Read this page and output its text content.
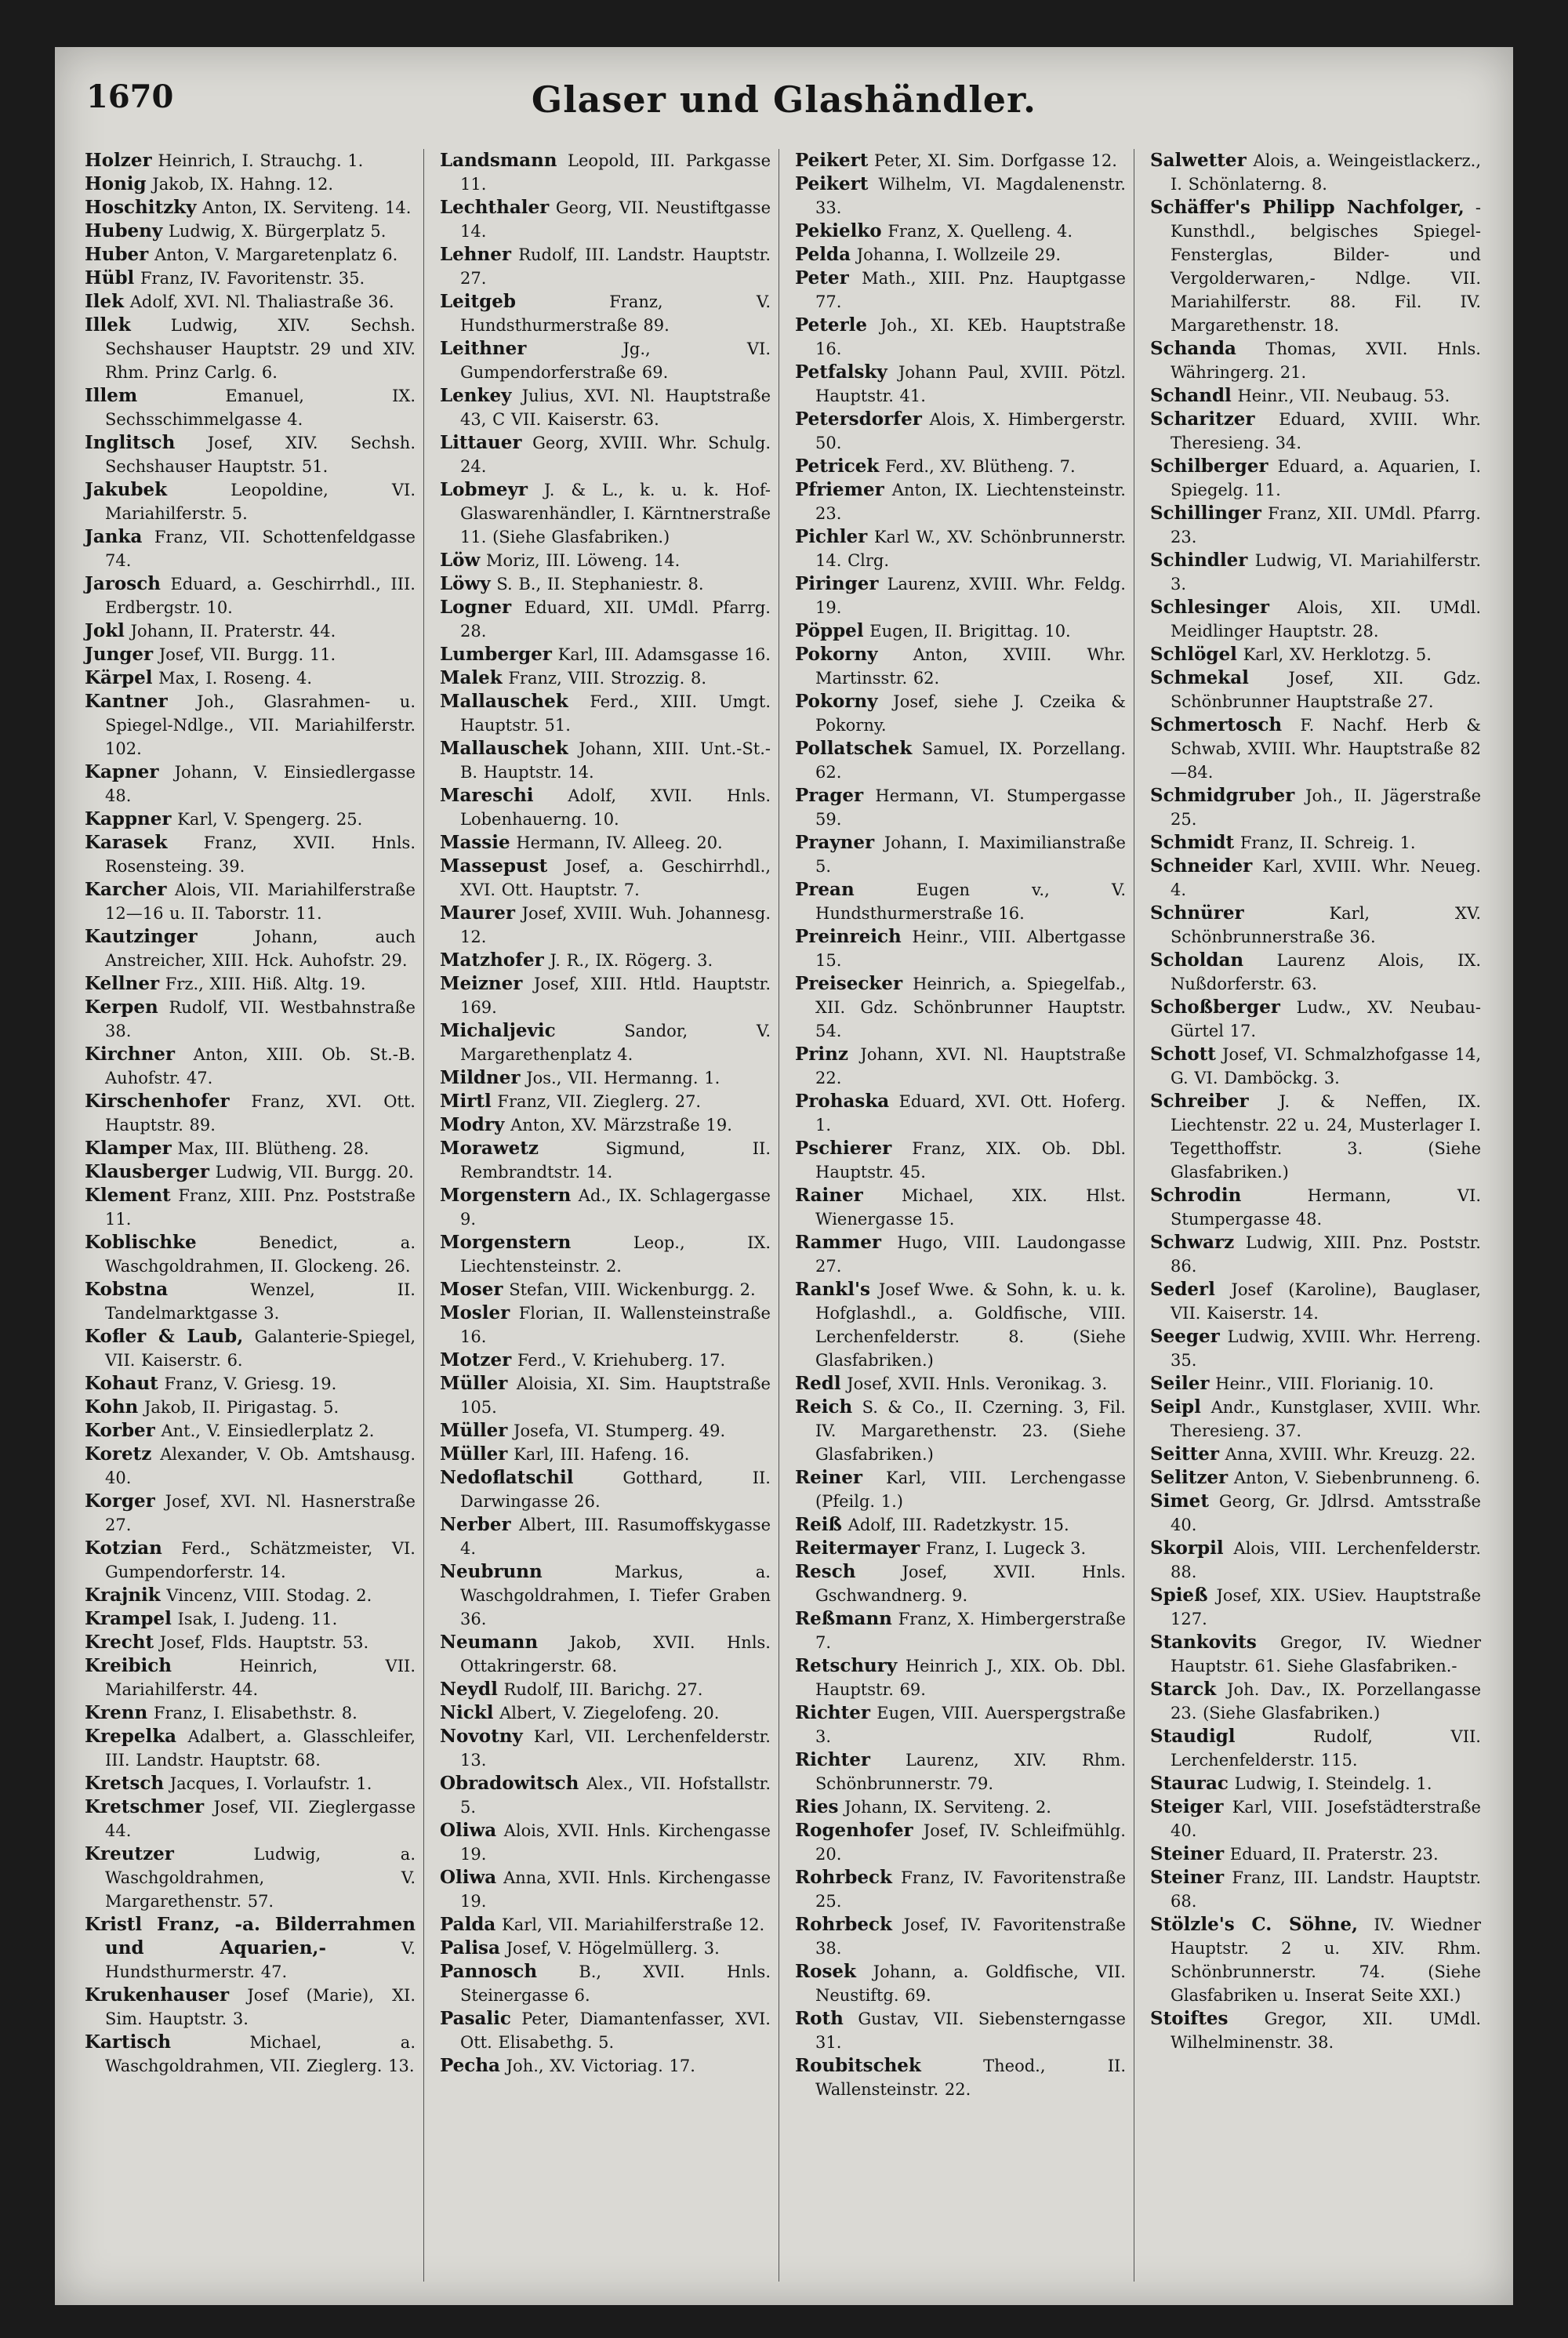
1670	Glaser und Glashändler.
Holzer Heinrich, I. Strauchg. 1.
Honig Jakob, IX. Hahng. 12.
Hoschitzky Anton, IX. Serviteng. 14.
Hubeny Ludwig, X. Bürgerplatz 5.
Huber Anton, V. Margaretenplatz 6.
Hübl Franz, IV. Favoritenstr. 35.
Ilek Adolf, XVI. Nl. Thaliastraße 36.
Illek Ludwig, XIV. Sechsh. Sechshauser Hauptstr. 29 und XIV. Rhm. Prinz Carlg. 6.
Illem	Emanuel, IX. Sechsschimmelgasse 4.
Inglitsch Josef, XIV. Sechsh. Sechshauser Hauptstr. 51.
Jakubek	Leopoldine, VI. Mariahilferstr. 5.
Janka Franz, VII. Schottenfeldgasse 74.
Jarosch Eduard, a. Geschirrhdl., III. Erdbergstr. 10.
Jokl Johann, II. Praterstr. 44.
Junger Josef, VII. Burgg. 11.
Kärpel Max, I. Roseng. 4.
Kantner Joh., Glasrahmen- u. Spiegel-Ndlge., VII. Mariahilferstr. 102.
Kapner Johann, V. Einsiedlergasse 48.
Kappner Karl, V. Spengerg. 25.
Karasek Franz, XVII. Hnls. Rosensteing. 39.
Karcher Alois, VII. Mariahilferstraße 12—16 u. II. Taborstr. 11.
Kautzinger	Johann, auch Anstreicher, XIII. Hck. Auhofstr. 29.
Kellner Frz., XIII. Hiß. Altg. 19.
Kerpen Rudolf, VII. Westbahnstraße 38.
Kirchner Anton, XIII. Ob. St.-B. Auhofstr. 47.
Kirschenhofer Franz, XVI. Ott. Hauptstr. 89.
Klamper Max, III. Blütheng. 28.
Klausberger Ludwig, VII. Burgg. 20.
Klement Franz, XIII. Pnz. Poststraße 11.
Koblischke	Benedict, a. Waschgoldrahmen, II. Glockeng. 26.
Kobstna	Wenzel, II. Tandelmarktgasse 3.
Kofler & Laub, Galanterie-Spiegel, VII. Kaiserstr. 6.
Kohaut Franz, V. Griesg. 19.
Kohn Jakob, II. Pirigastag. 5.
Korber Ant., V. Einsiedlerplatz 2.
Koretz Alexander, V. Ob. Amtshausg. 40.
Korger Josef, XVI. Nl. Hasnerstraße 27.
Kotzian Ferd., Schätzmeister, VI. Gumpendorferstr. 14.
Krajnik Vincenz, VIII. Stodag. 2.
Krampel Isak, I. Judeng. 11.
Krecht Josef, Flds. Hauptstr. 53.
Kreibich	Heinrich, VII. Mariahilferstr. 44.
Krenn Franz, I. Elisabethstr. 8.
Krepelka Adalbert, a. Glasschleifer, III. Landstr. Hauptstr. 68.
Kretsch Jacques, I. Vorlaufstr. 1.
Kretschmer Josef, VII. Zieglergasse 44.
Kreutzer	Ludwig, a. Waschgoldrahmen, V. Margarethenstr. 57.
Kristl Franz, -a. Bilderrahmen und Aquarien,-	V. Hundsthurmerstr. 47.
Krukenhauser Josef (Marie), XI. Sim. Hauptstr. 3.
Kartisch	Michael, a. Waschgoldrahmen, VII. Zieglerg. 13.
Landsmann Leopold, III. Parkgasse 11.
Lechthaler Georg, VII. Neustiftgasse 14.
Lehner Rudolf, III. Landstr. Hauptstr. 27.
Leitgeb	Franz, V. Hundsthurmerstraße 89.
Leithner	Jg., VI. Gumpendorferstraße 69.
Lenkey Julius, XVI. Nl. Hauptstraße 43, C VII. Kaiserstr. 63.
Littauer Georg, XVIII. Whr. Schulg. 24.
Lobmeyr J. & L., k. u. k. Hof-Glaswarenhändler, I. Kärntnerstraße 11. (Siehe Glasfabriken.)
Löw Moriz, III. Löweng. 14.
Löwy S. B., II. Stephaniestr. 8.
Logner Eduard, XII. UMdl. Pfarrg. 28.
Lumberger Karl, III. Adamsgasse 16.
Malek Franz, VIII. Strozzig. 8.
Mallauschek Ferd., XIII. Umgt. Hauptstr. 51.
Mallauschek Johann, XIII. Unt.-St.-B. Hauptstr. 14.
Mareschi Adolf, XVII. Hnls. Lobenhauerng. 10.
Massie Hermann, IV. Alleeg. 20.
Massepust Josef, a. Geschirrhdl., XVI. Ott. Hauptstr. 7.
Maurer Josef, XVIII. Wuh. Johannesg. 12.
Matzhofer J. R., IX. Rögerg. 3.
Meizner Josef, XIII. Htld. Hauptstr. 169.
Michaljevic	Sandor, V. Margarethenplatz 4.
Mildner Jos., VII. Hermanng. 1.
Mirtl Franz, VII. Zieglerg. 27.
Modry Anton, XV. Märzstraße 19.
Morawetz	Sigmund, II. Rembrandtstr. 14.
Morgenstern Ad., IX. Schlagergasse 9.
Morgenstern	Leop., IX. Liechtensteinstr. 2.
Moser Stefan, VIII. Wickenburgg. 2.
Mosler Florian, II. Wallensteinstraße 16.
Motzer Ferd., V. Kriehuberg. 17.
Müller Aloisia, XI. Sim. Hauptstraße 105.
Müller Josefa, VI. Stumperg. 49.
Müller Karl, III. Hafeng. 16.
Nedoflatschil	Gotthard, II. Darwingasse 26.
Nerber Albert, III. Rasumoffskygasse 4.
Neubrunn	Markus, a. Waschgoldrahmen, I. Tiefer Graben 36.
Neumann Jakob, XVII. Hnls. Ottakringerstr. 68.
Neydl Rudolf, III. Barichg. 27.
Nickl Albert, V. Ziegelofeng. 20.
Novotny Karl, VII. Lerchenfelderstr. 13.
Obradowitsch Alex., VII. Hofstallstr. 5.
Oliwa Alois, XVII. Hnls. Kirchengasse 19.
Oliwa Anna, XVII. Hnls. Kirchengasse 19.
Palda Karl, VII. Mariahilferstraße 12.
Palisa Josef, V. Högelmüllerg. 3.
Pannosch	B., XVII. Hnls. Steinergasse 6.
Pasalic Peter, Diamantenfasser, XVI. Ott. Elisabethg. 5.
Pecha Joh., XV. Victoriag. 17.
Peikert Peter, XI. Sim. Dorfgasse 12.
Peikert Wilhelm, VI. Magdalenenstr. 33.
Pekielko Franz, X. Quelleng. 4.
Pelda Johanna, I. Wollzeile 29.
Peter Math., XIII. Pnz. Hauptgasse 77.
Peterle Joh., XI. KEb. Hauptstraße 16.
Petfalsky Johann Paul, XVIII. Pötzl. Hauptstr. 41.
Petersdorfer Alois, X. Himbergerstr. 50.
Petricek Ferd., XV. Blütheng. 7.
Pfriemer Anton, IX. Liechtensteinstr. 23.
Pichler Karl W., XV. Schönbrunnerstr. 14. Clrg.
Piringer Laurenz, XVIII. Whr. Feldg. 19.
Pöppel Eugen, II. Brigittag. 10.
Pokorny Anton, XVIII. Whr. Martinsstr. 62.
Pokorny Josef, siehe J. Czeika & Pokorny.
Pollatschek Samuel, IX. Porzellang. 62.
Prager Hermann, VI. Stumpergasse 59.
Prayner Johann, I. Maximilianstraße 5.
Prean	Eugen v., V. Hundsthurmerstraße 16.
Preinreich Heinr., VIII. Albertgasse 15.
Preisecker Heinrich, a. Spiegelfab., XII. Gdz. Schönbrunner Hauptstr. 54.
Prinz Johann, XVI. Nl. Hauptstraße 22.
Prohaska Eduard, XVI. Ott. Hoferg. 1.
Pschierer Franz, XIX. Ob. Dbl. Hauptstr. 45.
Rainer Michael, XIX. Hlst. Wienergasse 15.
Rammer Hugo, VIII. Laudongasse 27.
Rankl's Josef Wwe. & Sohn, k. u. k. Hofglashdl., a. Goldfische, VIII. Lerchenfelderstr. 8. (Siehe Glasfabriken.)
Redl Josef, XVII. Hnls. Veronikag. 3.
Reich S. & Co., II. Czerning. 3, Fil. IV. Margarethenstr. 23. (Siehe Glasfabriken.)
Reiner Karl, VIII. Lerchengasse (Pfeilg. 1.)
Reiß Adolf, III. Radetzkystr. 15.
Reitermayer Franz, I. Lugeck 3.
Resch	Josef, XVII. Hnls. Gschwandnerg. 9.
Reßmann Franz, X. Himbergerstraße 7.
Retschury Heinrich J., XIX. Ob. Dbl. Hauptstr. 69.
Richter Eugen, VIII. Auerspergstraße 3.
Richter Laurenz, XIV. Rhm. Schönbrunnerstr. 79.
Ries Johann, IX. Serviteng. 2.
Rogenhofer Josef, IV. Schleifmühlg. 20.
Rohrbeck Franz, IV. Favoritenstraße 25.
Rohrbeck Josef, IV. Favoritenstraße 38.
Rosek Johann, a. Goldfische, VII. Neustiftg. 69.
Roth Gustav, VII. Siebensterngasse 31.
Roubitschek	Theod., II. Wallensteinstr. 22.
Salwetter Alois, a. Weingeistlackerz., I. Schönlaterng. 8.
Schäffer's Philipp Nachfolger, -Kunsthdl., belgisches Spiegel-Fensterglas, Bilder- und Vergolderwaren,- Ndlge. VII. Mariahilferstr. 88. Fil. IV. Margarethenstr. 18.
Schanda Thomas, XVII. Hnls. Währingerg. 21.
Schandl Heinr., VII. Neubaug. 53.
Scharitzer Eduard, XVIII. Whr. Theresieng. 34.
Schilberger Eduard, a. Aquarien, I. Spiegelg. 11.
Schillinger Franz, XII. UMdl. Pfarrg. 23.
Schindler Ludwig, VI. Mariahilferstr. 3.
Schlesinger Alois, XII. UMdl. Meidlinger Hauptstr. 28.
Schlögel Karl, XV. Herklotzg. 5.
Schmekal Josef, XII. Gdz. Schönbrunner Hauptstraße 27.
Schmertosch F. Nachf. Herb & Schwab, XVIII. Whr. Hauptstraße 82—84.
Schmidgruber Joh., II. Jägerstraße 25.
Schmidt Franz, II. Schreig. 1.
Schneider Karl, XVIII. Whr. Neueg. 4.
Schnürer	Karl, XV. Schönbrunnerstraße 36.
Scholdan Laurenz Alois, IX. Nußdorferstr. 63.
Schoßberger Ludw., XV. Neubau-Gürtel 17.
Schott Josef, VI. Schmalzhofgasse 14, G. VI. Damböckg. 3.
Schreiber J. & Neffen, IX. Liechtenstr. 22 u. 24, Musterlager I. Tegetthoffstr. 3. (Siehe Glasfabriken.)
Schrodin	Hermann, VI. Stumpergasse 48.
Schwarz Ludwig, XIII. Pnz. Poststr. 86.
Sederl Josef (Karoline), Bauglaser, VII. Kaiserstr. 14.
Seeger Ludwig, XVIII. Whr. Herreng. 35.
Seiler Heinr., VIII. Florianig. 10.
Seipl Andr., Kunstglaser, XVIII. Whr. Theresieng. 37.
Seitter Anna, XVIII. Whr. Kreuzg. 22.
Selitzer Anton, V. Siebenbrunneng. 6.
Simet Georg, Gr. Jdlrsd. Amtsstraße 40.
Skorpil Alois, VIII. Lerchenfelderstr. 88.
Spieß Josef, XIX. USiev. Hauptstraße 127.
Stankovits Gregor, IV. Wiedner Hauptstr. 61. Siehe Glasfabriken.-
Starck Joh. Dav., IX. Porzellangasse 23. (Siehe Glasfabriken.)
Staudigl	Rudolf, VII. Lerchenfelderstr. 115.
Staurac Ludwig, I. Steindelg. 1.
Steiger Karl, VIII. Josefstädterstraße 40.
Steiner Eduard, II. Praterstr. 23.
Steiner Franz, III. Landstr. Hauptstr. 68.
Stölzle's C. Söhne, IV. Wiedner Hauptstr. 2 u. XIV. Rhm. Schönbrunnerstr. 74. (Siehe Glasfabriken u. Inserat Seite XXI.)
Stoiftes Gregor, XII. UMdl. Wilhelminenstr. 38.
